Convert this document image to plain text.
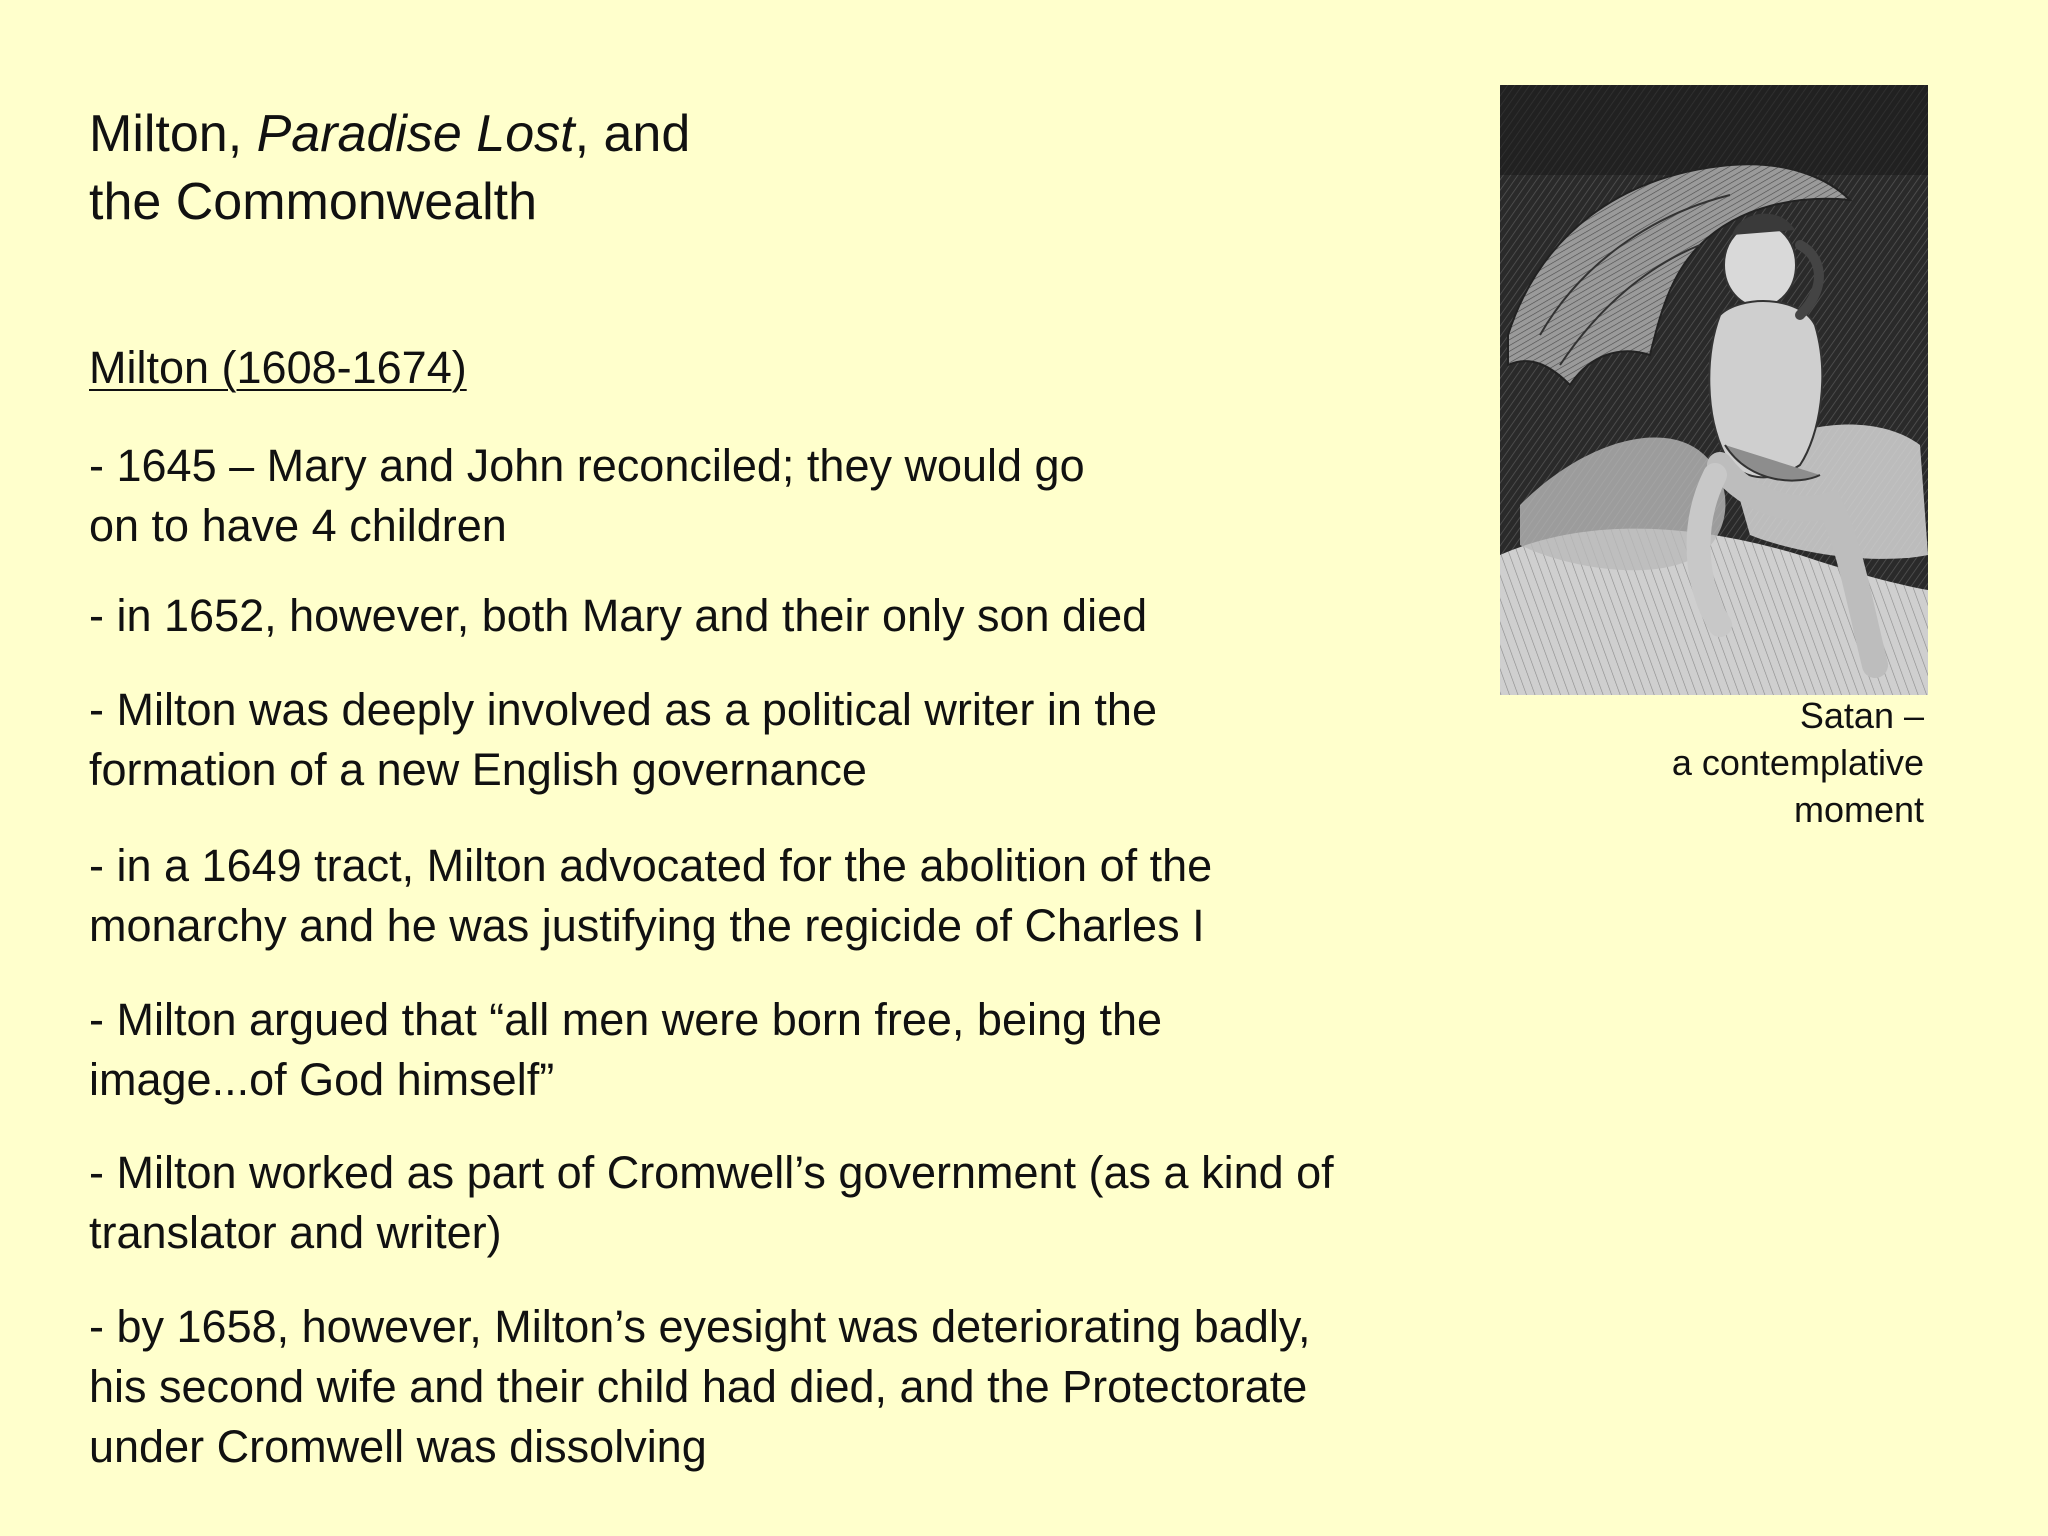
Milton, Paradise Lost, and
the Commonwealth

Milton (1608-1674)

- 1645 – Mary and John reconciled; they would go
on to have 4 children

- in 1652, however, both Mary and their only son died

- Milton was deeply involved as a political writer in the
formation of a new English governance

- in a 1649 tract, Milton advocated for the abolition of the
monarchy and he was justifying the regicide of Charles I

- Milton argued that “all men were born free, being the
image...of God himself”

- Milton worked as part of Cromwell’s government (as a kind of
translator and writer)

- by 1658, however, Milton’s eyesight was deteriorating badly,
his second wife and their child had died, and the Protectorate
under Cromwell was dissolving

Satan –
a contemplative
moment
